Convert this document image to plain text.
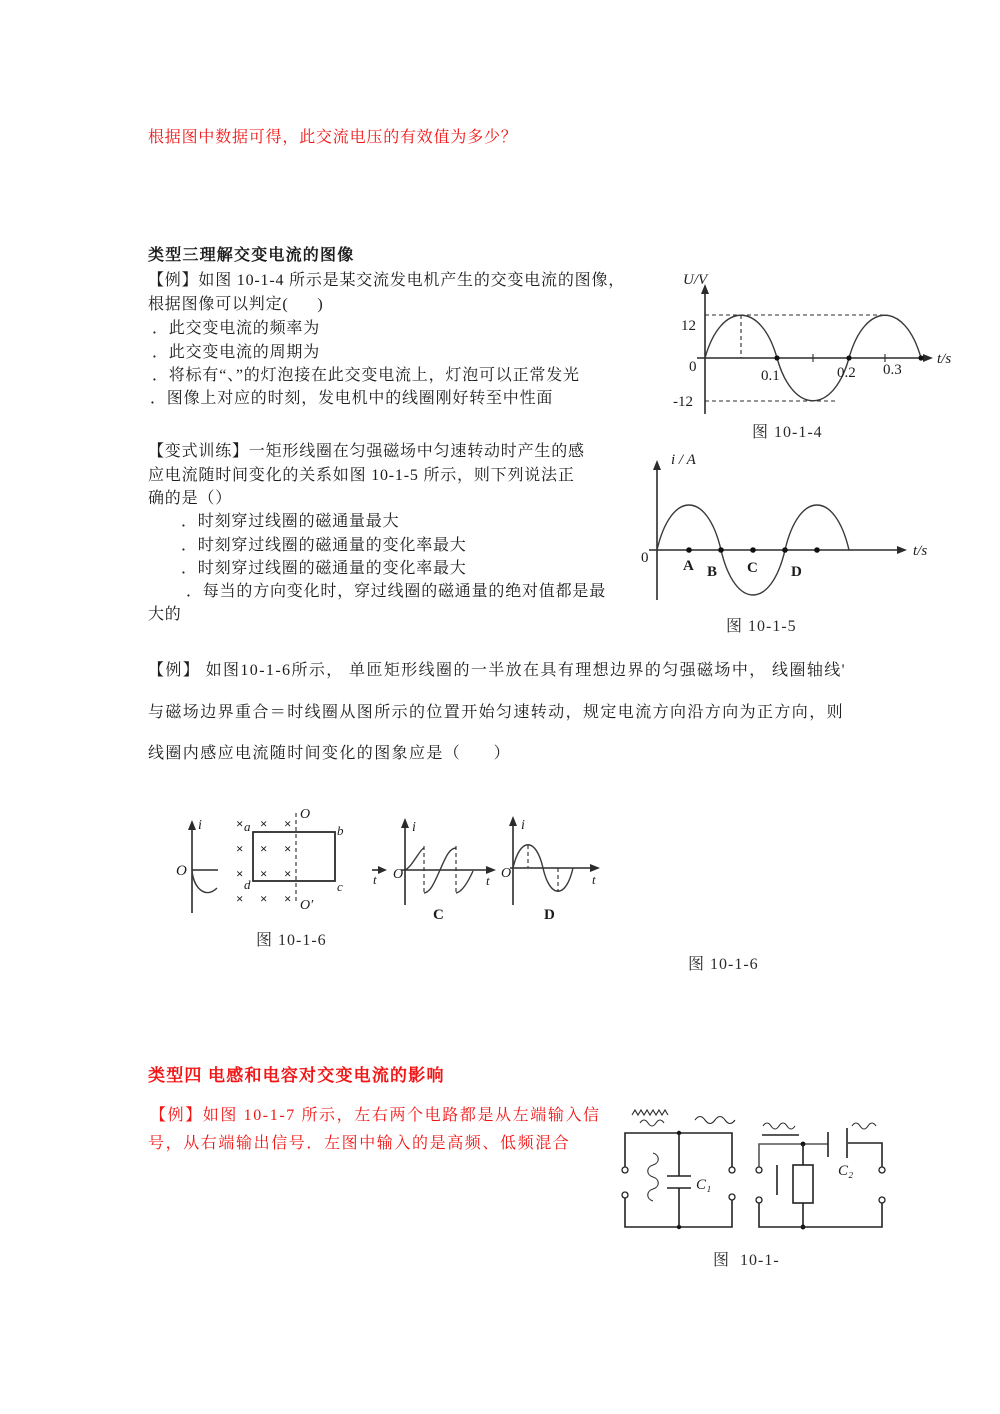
根据图中数据可得，此交流电压的有效值为多少？
类型三理解交变电流的图像
【例】如图 10-1-4 所示是某交流发电机产生的交变电流的图像，
根据图像可以判定(      )
．此交变电流的频率为
．此交变电流的周期为
．将标有“、”的灯泡接在此交变电流上，灯泡可以正常发光
．图像上对应的时刻，发电机中的线圈刚好转至中性面
U/V
t/s
12
0
-12
0.1	0.2 0.3
图 10-1-4
【变式训练】一矩形线圈在匀强磁场中匀速转动时产生的感
应电流随时间变化的关系如图 10-1-5 所示，则下列说法正
确的是（）
．时刻穿过线圈的磁通量最大
．时刻穿过线圈的磁通量的变化率最大
．时刻穿过线圈的磁通量的变化率最大
．每当的方向变化时，穿过线圈的磁通量的绝对值都是最
大的
i / A
t/s
0 A B C D
图 10-1-5
【例】 如图10-1-6所示， 单匝矩形线圈的一半放在具有理想边界的匀强磁场中， 线圈轴线'
与磁场边界重合＝时线圈从图所示的位置开始匀速转动，规定电流方向沿方向为正方向，则
线圈内感应电流随时间变化的图象应是（      ）
i
O
O
O′
a	b
d	c
× × ×
× × ×
× × ×
× × ×
t
i
O	t
C
i
O	t
D
图 10-1-6
图 10-1-6
类型四 电感和电容对交变电流的影响
【例】如图 10-1-7 所示，左右两个电路都是从左端输入信
号，从右端输出信号．左图中输入的是高频、低频混合
C₁
C₂
图  10-1-
